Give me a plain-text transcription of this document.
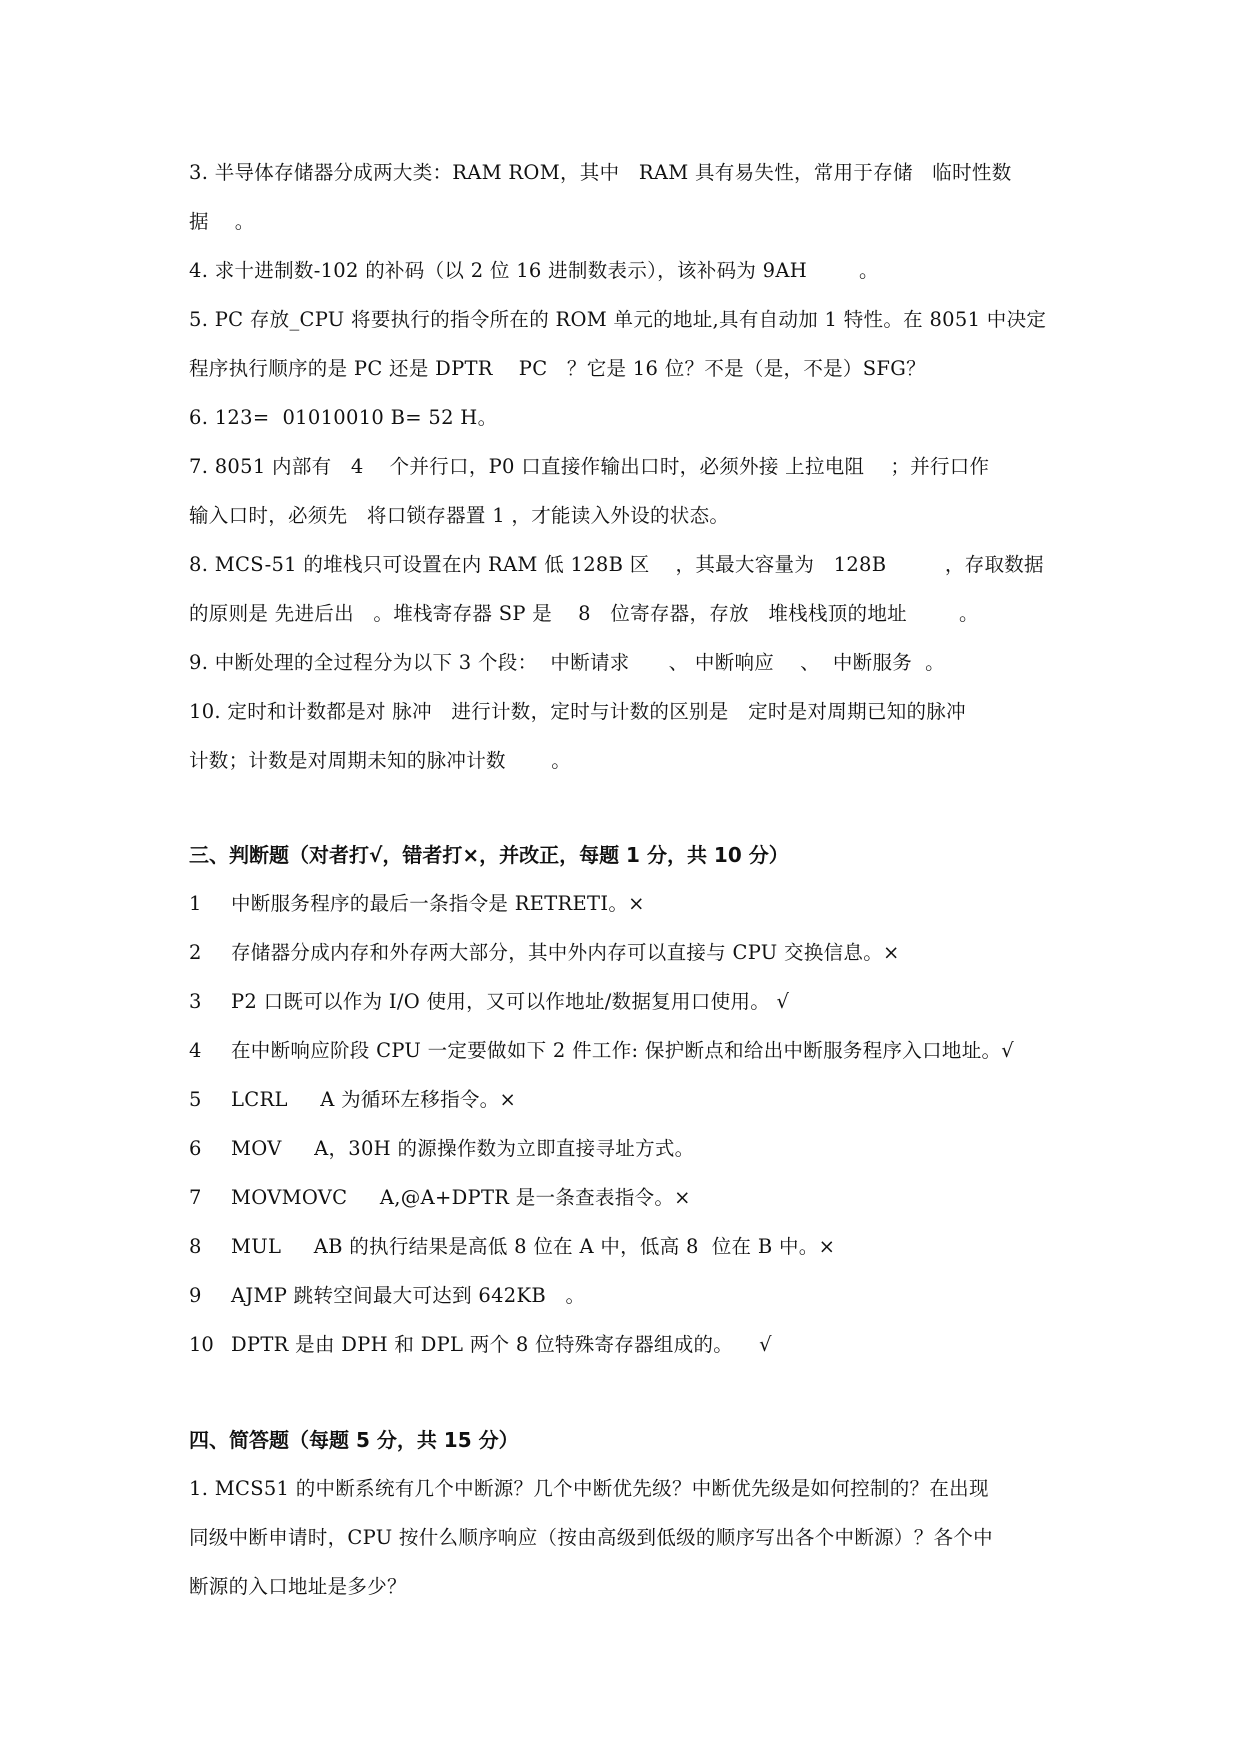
3. 半导体存储器分成两大类：RAM ROM，其中   RAM 具有易失性，常用于存储   临时性数
据    。
4. 求十进制数-102 的补码（以 2 位 16 进制数表示），该补码为 9AH        。
5. PC 存放_CPU 将要执行的指令所在的 ROM 单元的地址,具有自动加 1 特性。在 8051 中决定
程序执行顺序的是 PC 还是 DPTR    PC   ？它是 16 位？不是（是，不是）SFG？
6. 123=  01010010 B= 52 H。
7. 8051 内部有   4    个并行口，P0 口直接作输出口时，必须外接 上拉电阻    ；并行口作
输入口时，必须先   将口锁存器置 1 ，才能读入外设的状态。
8. MCS-51 的堆栈只可设置在内 RAM 低 128B 区    ，其最大容量为   128B         ，存取数据
的原则是 先进后出   。堆栈寄存器 SP 是    8   位寄存器，存放   堆栈栈顶的地址        。
9. 中断处理的全过程分为以下 3 个段：  中断请求      、 中断响应    、  中断服务  。
10. 定时和计数都是对 脉冲   进行计数，定时与计数的区别是   定时是对周期已知的脉冲
计数；计数是对周期未知的脉冲计数       。
三、判断题（对者打√，错者打×，并改正，每题 1 分，共 10 分）
1 中断服务程序的最后一条指令是 RETRETI。×
2 存储器分成内存和外存两大部分，其中外内存可以直接与 CPU 交换信息。×
3 P2 口既可以作为 I/O 使用，又可以作地址/数据复用口使用。 √
4 在中断响应阶段 CPU 一定要做如下 2 件工作: 保护断点和给出中断服务程序入口地址。√
5 LCRL     A 为循环左移指令。×
6 MOV     A，30H 的源操作数为立即直接寻址方式。
7 MOVMOVC     A,@A+DPTR 是一条查表指令。×
8 MUL     AB 的执行结果是高低 8 位在 A 中，低高 8  位在 B 中。×
9 AJMP 跳转空间最大可达到 642KB   。
10 DPTR 是由 DPH 和 DPL 两个 8 位特殊寄存器组成的。    √
四、简答题（每题 5 分，共 15 分）
1. MCS51 的中断系统有几个中断源？几个中断优先级？中断优先级是如何控制的？在出现
同级中断申请时，CPU 按什么顺序响应（按由高级到低级的顺序写出各个中断源）？各个中
断源的入口地址是多少？
